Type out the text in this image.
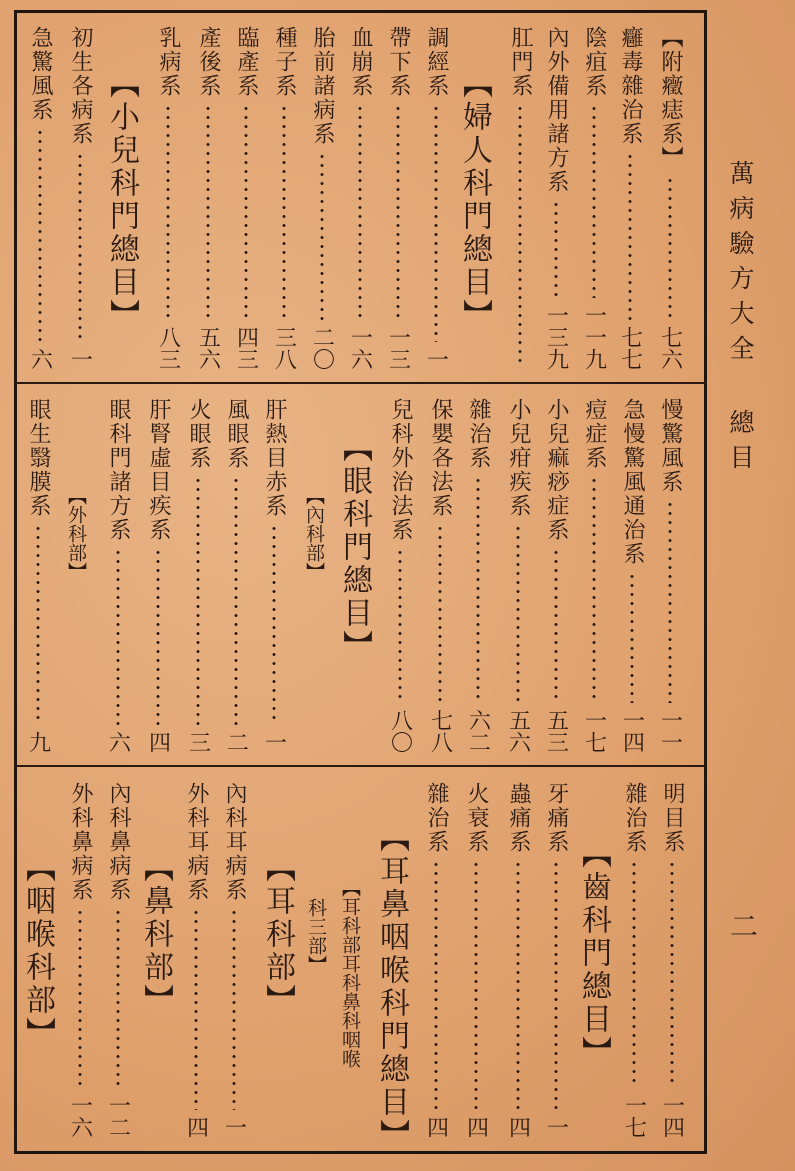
萬病驗方大全 總目
二
【附癥痣系】
七六
癰毒雜治系
七七
陰疽系
一一九
內外備用諸方系
一三九
肛門系
【婦人科門總目】
調經系
一
帶下系
一三
血崩系
一六
胎前諸病系
二〇
種子系
三八
臨產系
四三
產後系
五六
乳病系
八三
【小兒科門總目】
初生各病系
一
急驚風系
六
慢驚風系
一一
急慢驚風通治系
一四
痘症系
一七
小兒痲痧症系
五三
小兒疳疾系
五六
雜治系
六二
保嬰各法系
七八
兒科外治法系
八〇
【眼科門總目】
【內科部】
肝熱目赤系
一
風眼系
二
火眼系
三
肝腎虛目疾系
四
眼科門諸方系
六
【外科部】
眼生翳膜系
九
明目系
一四
雜治系
一七
【齒科門總目】
牙痛系
一
蟲痛系
四
火衰系
四
雜治系
四
【耳鼻咽喉科門總目】
【耳科部耳科鼻科咽喉
科三部】
【耳科部】
內科耳病系
一
外科耳病系
四
【鼻科部】
內科鼻病系
一二
外科鼻病系
一六
【咽喉科部】
